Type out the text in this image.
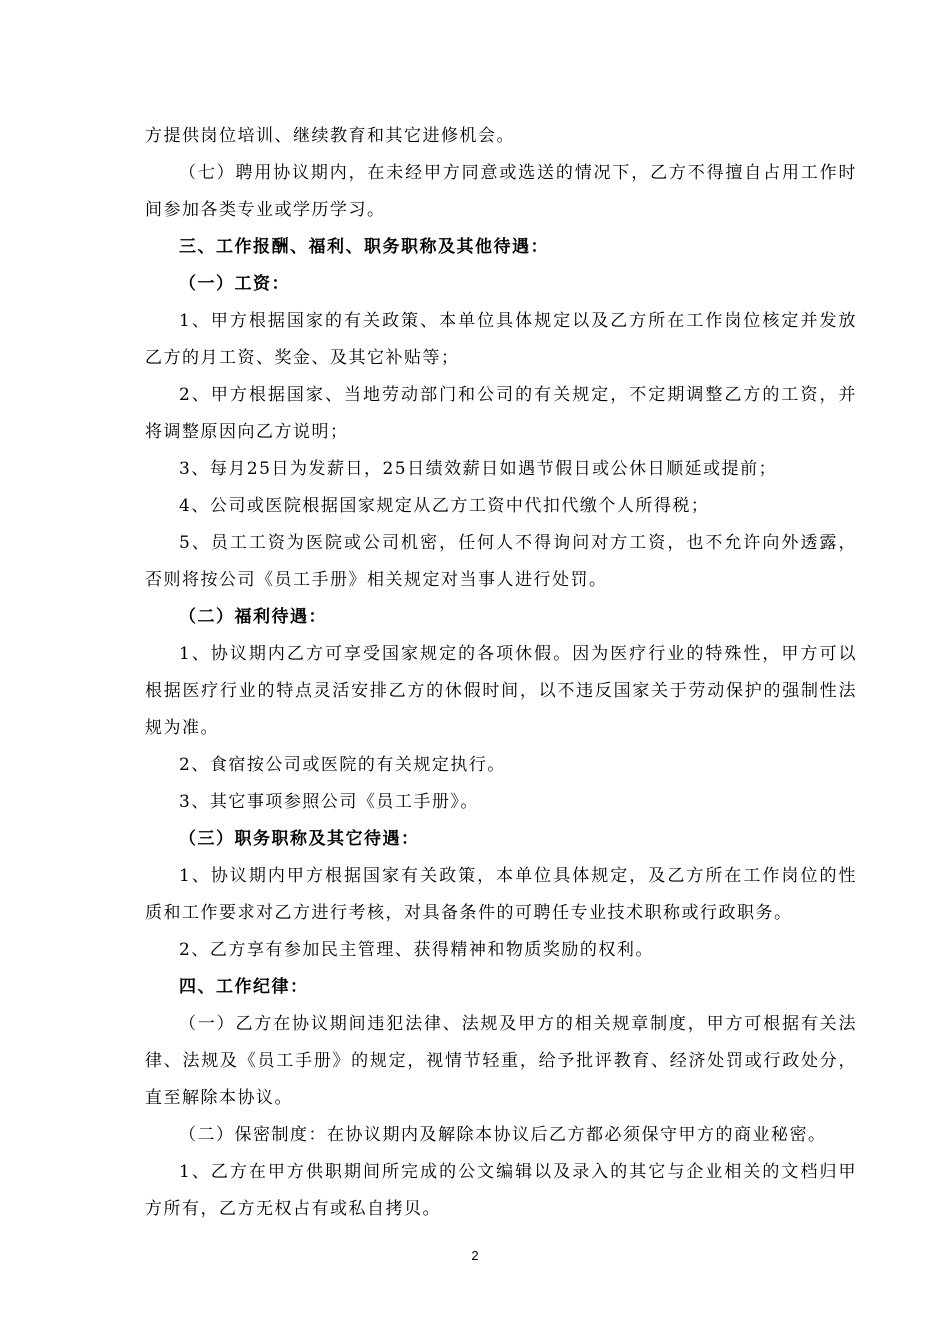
方提供岗位培训、继续教育和其它进修机会。

（七）聘用协议期内，在未经甲方同意或选送的情况下，乙方不得擅自占用工作时间参加各类专业或学历学习。

三、工作报酬、福利、职务职称及其他待遇：

（一）工资：

1、甲方根据国家的有关政策、本单位具体规定以及乙方所在工作岗位核定并发放乙方的月工资、奖金、及其它补贴等；

2、甲方根据国家、当地劳动部门和公司的有关规定，不定期调整乙方的工资，并将调整原因向乙方说明；

3、每月25日为发薪日，25日绩效薪日如遇节假日或公休日顺延或提前；

4、公司或医院根据国家规定从乙方工资中代扣代缴个人所得税；

5、员工工资为医院或公司机密，任何人不得询问对方工资，也不允许向外透露，否则将按公司《员工手册》相关规定对当事人进行处罚。

（二）福利待遇：

1、协议期内乙方可享受国家规定的各项休假。因为医疗行业的特殊性，甲方可以根据医疗行业的特点灵活安排乙方的休假时间，以不违反国家关于劳动保护的强制性法规为准。

2、食宿按公司或医院的有关规定执行。

3、其它事项参照公司《员工手册》。

（三）职务职称及其它待遇：

1、协议期内甲方根据国家有关政策，本单位具体规定，及乙方所在工作岗位的性质和工作要求对乙方进行考核，对具备条件的可聘任专业技术职称或行政职务。

2、乙方享有参加民主管理、获得精神和物质奖励的权利。

四、工作纪律：

（一）乙方在协议期间违犯法律、法规及甲方的相关规章制度，甲方可根据有关法律、法规及《员工手册》的规定，视情节轻重，给予批评教育、经济处罚或行政处分，直至解除本协议。

（二）保密制度：在协议期内及解除本协议后乙方都必须保守甲方的商业秘密。

1、乙方在甲方供职期间所完成的公文编辑以及录入的其它与企业相关的文档归甲方所有，乙方无权占有或私自拷贝。

2
